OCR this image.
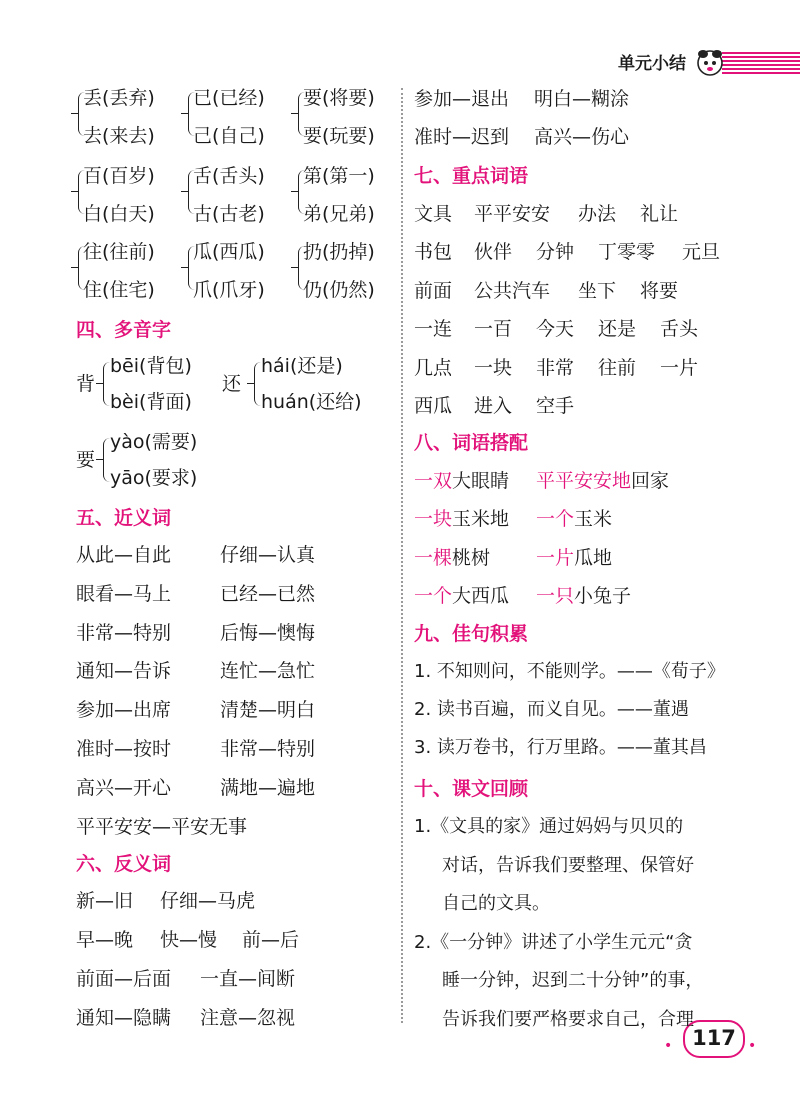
单元小结
四、多音字
背
bēi(背包)
bèi(背面)
还
hái(还是)
huán(还给)
要
yào(需要)
yāo(要求)
五、近义词
平平安安—平安无事
六、反义词
七、重点词语
八、词语搭配
九、佳句积累
十、课文回顾
117
•	•
丢(丢弃)
去(来去)
已(已经)
己(自己)
要(将要)
要(玩要)
百(百岁)
白(白天)
舌(舌头)
古(古老)
第(第一)
弟(兄弟)
往(往前)
住(住宅)
瓜(西瓜)
爪(爪牙)
扔(扔掉)
仍(仍然)
从此—自此	仔细—认真
眼看—马上	已经—已然
非常—特别	后悔—懊悔
通知—告诉	连忙—急忙
参加—出席	清楚—明白
准时—按时	非常—特别
高兴—开心	满地—遍地
新—旧 仔细—马虎
早—晚 快—慢 前—后
前面—后面 一直—间断
通知—隐瞒 注意—忽视
参加—退出 明白—糊涂
准时—迟到 高兴—伤心
文具 平平安安 办法 礼让
书包 伙伴 分钟 丁零零 元旦
前面 公共汽车 坐下 将要
一连 一百 今天 还是 舌头
几点 一块 非常 往前 一片
西瓜 进入 空手
一双大眼睛 平平安安地回家
一块玉米地 一个玉米
一棵桃树 一片瓜地
一个大西瓜 一只小兔子
1. 不知则问，不能则学。——《荀子》
2. 读书百遍，而义自见。——董遇
3. 读万卷书，行万里路。——董其昌
1.《文具的家》通过妈妈与贝贝的
对话，告诉我们要整理、保管好
自己的文具。
2.《一分钟》讲述了小学生元元“贪
睡一分钟，迟到二十分钟”的事，
告诉我们要严格要求自己，合理
